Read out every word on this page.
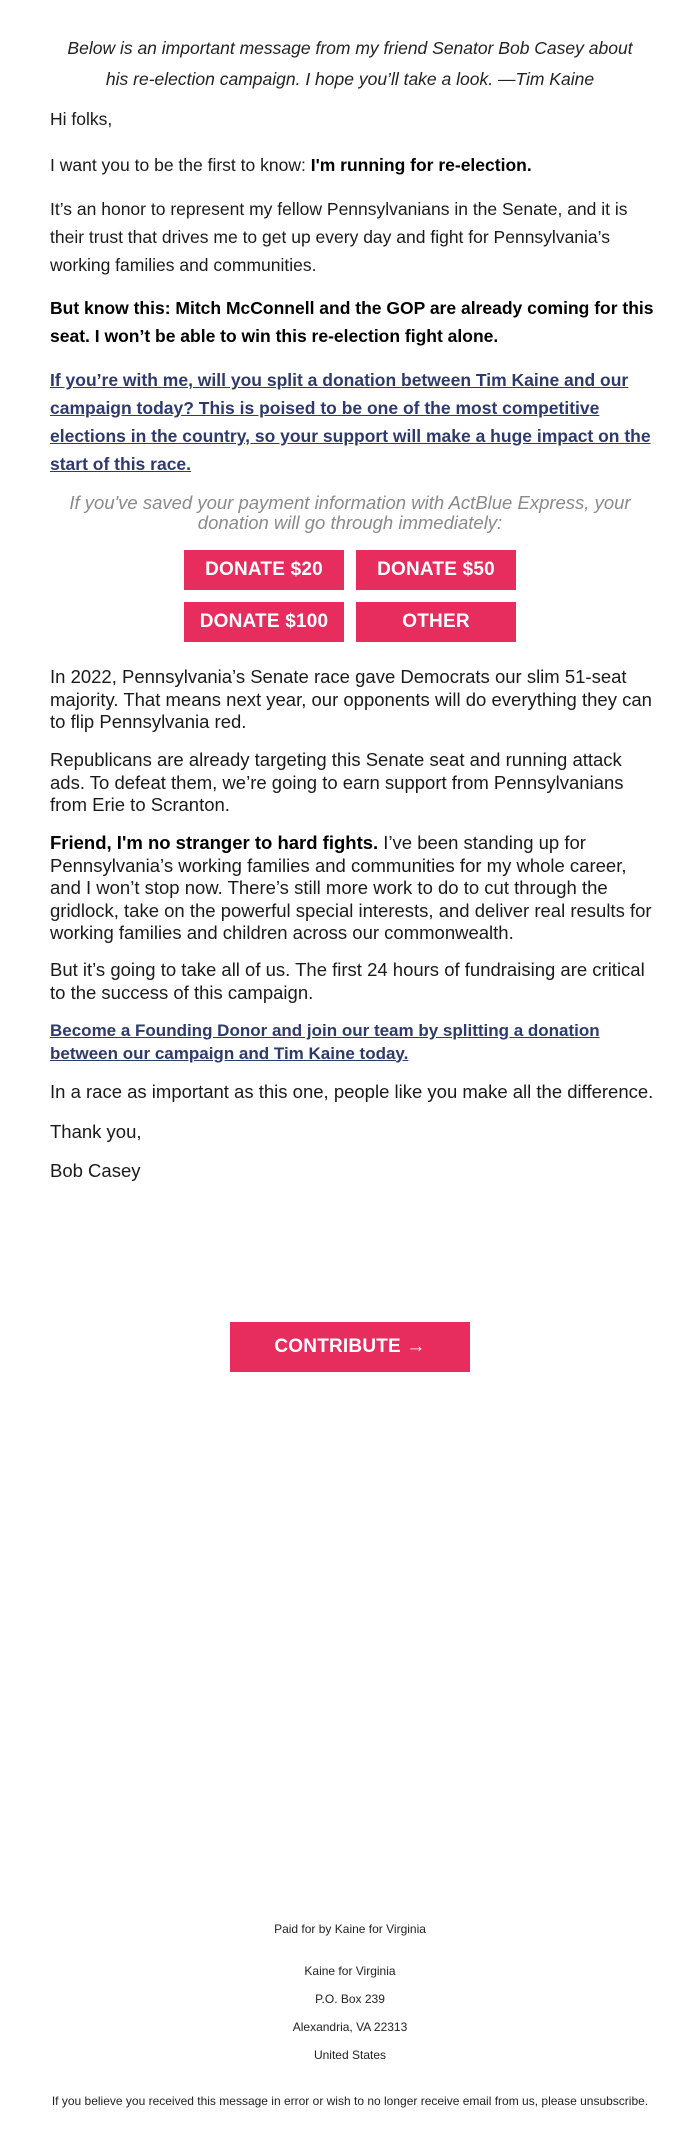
Below is an important message from my friend Senator Bob Casey about his re-election campaign. I hope you’ll take a look. —Tim Kaine
Hi folks,
I want you to be the first to know: I'm running for re-election.
It’s an honor to represent my fellow Pennsylvanians in the Senate, and it is their trust that drives me to get up every day and fight for Pennsylvania’s working families and communities.
But know this: Mitch McConnell and the GOP are already coming for this seat. I won’t be able to win this re-election fight alone.
If you’re with me, will you split a donation between Tim Kaine and our campaign today? This is poised to be one of the most competitive elections in the country, so your support will make a huge impact on the start of this race.
If you've saved your payment information with ActBlue Express, your donation will go through immediately:
DONATE $20	DONATE $50
DONATE $100	OTHER
In 2022, Pennsylvania’s Senate race gave Democrats our slim 51-seat majority. That means next year, our opponents will do everything they can to flip Pennsylvania red.
Republicans are already targeting this Senate seat and running attack ads. To defeat them, we’re going to earn support from Pennsylvanians from Erie to Scranton.
Friend, I'm no stranger to hard fights. I’ve been standing up for Pennsylvania’s working families and communities for my whole career, and I won’t stop now. There’s still more work to do to cut through the gridlock, take on the powerful special interests, and deliver real results for working families and children across our commonwealth.
But it’s going to take all of us. The first 24 hours of fundraising are critical to the success of this campaign.
Become a Founding Donor and join our team by splitting a donation between our campaign and Tim Kaine today.
In a race as important as this one, people like you make all the difference.
Thank you,
Bob Casey
CONTRIBUTE →
Paid for by Kaine for Virginia
Kaine for Virginia
P.O. Box 239
Alexandria, VA 22313
United States
If you believe you received this message in error or wish to no longer receive email from us, please unsubscribe.
